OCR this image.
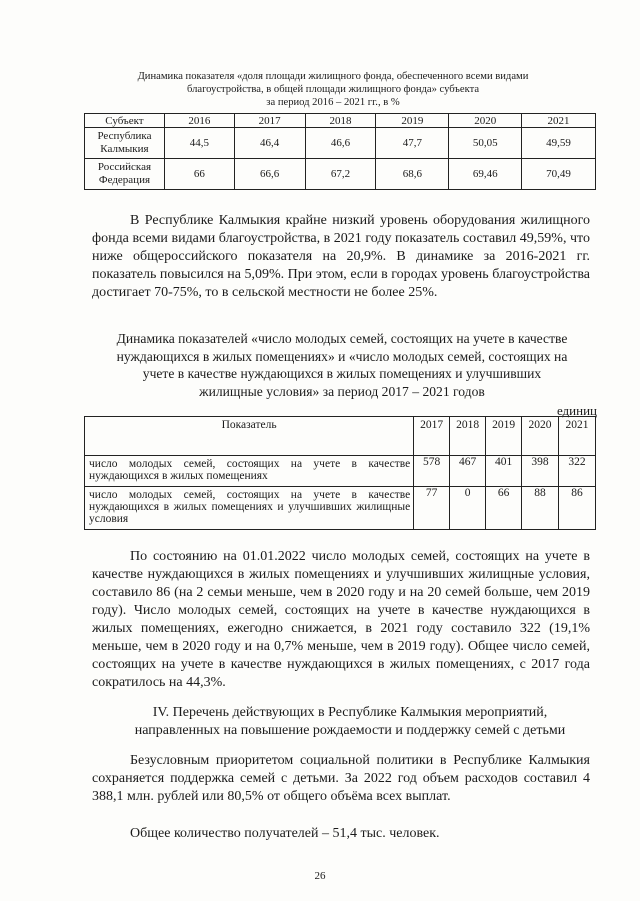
Динамика показателя «доля площади жилищного фонда, обеспеченного всеми видами
благоустройства, в общей площади жилищного фонда» субъекта
за период 2016 – 2021 гг., в %
Субъект	2016	2017	2018	2019	2020	2021
Республика Калмыкия	44,5	46,4	46,6	47,7	50,05	49,59
Российская Федерация	66	66,6	67,2	68,6	69,46	70,49
В Республике Калмыкия крайне низкий уровень оборудования жилищного фонда всеми видами благоустройства, в 2021 году показатель составил 49,59%, что ниже общероссийского показателя на 20,9%. В динамике за 2016-2021 гг. показатель повысился на 5,09%. При этом, если в городах уровень благоустройства достигает 70-75%, то в сельской местности не более 25%.
Динамика показателей «число молодых семей, состоящих на учете в качестве
нуждающихся в жилых помещениях» и «число молодых семей, состоящих на
учете в качестве нуждающихся в жилых помещениях и улучшивших
жилищные условия» за период 2017 – 2021 годов
единиц
Показатель	2017	2018	2019	2020	2021
число молодых семей, состоящих на учете в качестве нуждающихся в жилых помещениях	578	467	401	398	322
число молодых семей, состоящих на учете в качестве нуждающихся в жилых помещениях и улучшивших жилищные условия	77	0	66	88	86
По состоянию на 01.01.2022 число молодых семей, состоящих на учете в качестве нуждающихся в жилых помещениях и улучшивших жилищные условия, составило 86 (на 2 семьи меньше, чем в 2020 году и на 20 семей больше, чем 2019 году). Число молодых семей, состоящих на учете в качестве нуждающихся в жилых помещениях, ежегодно снижается, в 2021 году составило 322 (19,1% меньше, чем в 2020 году и на 0,7% меньше, чем в 2019 году). Общее число семей, состоящих на учете в качестве нуждающихся в жилых помещениях, с 2017 года сократилось на 44,3%.
IV. Перечень действующих в Республике Калмыкия мероприятий,
направленных на повышение рождаемости и поддержку семей с детьми
Безусловным приоритетом социальной политики в Республике Калмыкия сохраняется поддержка семей с детьми. За 2022 год объем расходов составил 4 388,1 млн. рублей или 80,5% от общего объёма всех выплат.
Общее количество получателей – 51,4 тыс. человек.
26
